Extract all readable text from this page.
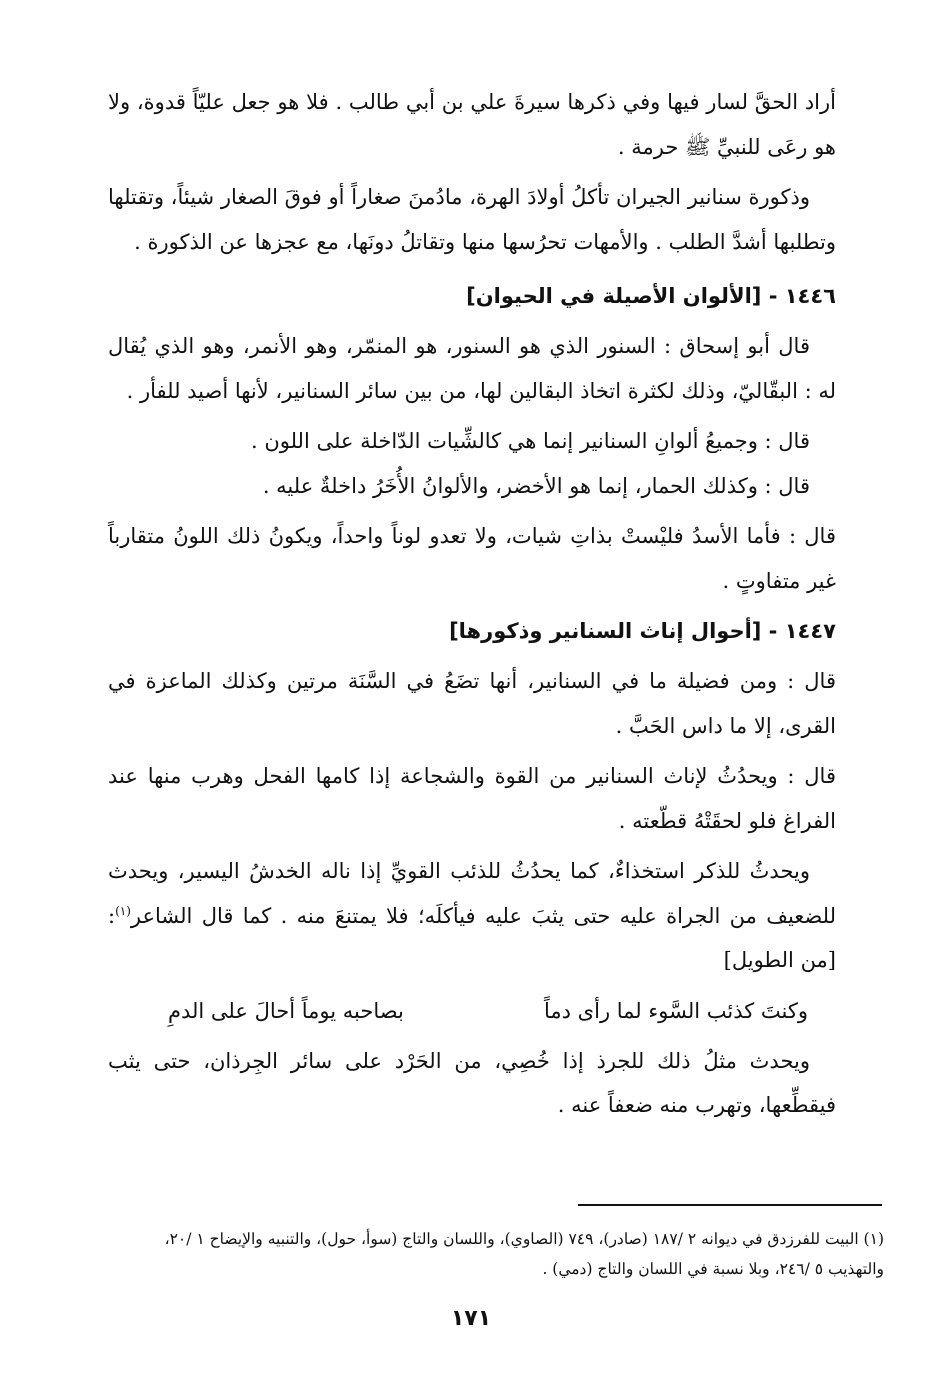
أراد الحقَّ لسار فيها وفي ذكرها سيرةَ علي بن أبي طالب . فلا هو جعل عليّاً قدوة، ولا هو رعَى للنبيِّ ﷺ حرمة .

وذكورة سنانير الجيران تأكلُ أولادَ الهرة، مادُمنَ صغاراً أو فوقَ الصغار شيئاً، وتقتلها وتطلبها أشدَّ الطلب . والأمهات تحرُسها منها وتقاتلُ دونَها، مع عجزها عن الذكورة .

١٤٤٦ - [الألوان الأصيلة في الحيوان]

قال أبو إسحاق : السنور الذي هو السنور، هو المنمّر، وهو الأنمر، وهو الذي يُقال له : البقّاليّ، وذلك لكثرة اتخاذ البقالين لها، من بين سائر السنانير، لأنها أصيد للفأر .

قال : وجميعُ ألوانِ السنانير إنما هي كالشِّيات الدّاخلة على اللون .

قال : وكذلك الحمار، إنما هو الأخضر، والألوانُ الأُخَرُ داخلةٌ عليه .

قال : فأما الأسدُ فليْستْ بذاتِ شيات، ولا تعدو لوناً واحداً، ويكونُ ذلك اللونُ متقارباً غير متفاوتٍ .

١٤٤٧ - [أحوال إناث السنانير وذكورها]

قال : ومن فضيلة ما في السنانير، أنها تضَعُ في السَّنَة مرتين وكذلك الماعزة في القرى، إلا ما داس الحَبَّ .

قال : ويحدُثُ لإناث السنانير من القوة والشجاعة إذا كامها الفحل وهرب منها عند الفراغ فلو لحقَتْهُ قطّعته .

ويحدثُ للذكر استخذاءٌ، كما يحدُثُ للذئب القويِّ إذا ناله الخدشُ اليسير، ويحدث للضعيف من الجراة عليه حتى يثبَ عليه فيأكلَه؛ فلا يمتنعَ منه . كما قال الشاعر$^{(١)}$: [من الطويل]

وكنتَ كذئب السَّوء لما رأى دماً
بصاحبه يوماً أحالَ على الدمِ

ويحدث مثلُ ذلك للجرذ إذا خُصِي، من الحَرْد على سائر الجِرذان، حتى يثب فيقطِّعها، وتهرب منه ضعفاً عنه .

(١) البيت للفرزدق في ديوانه ٢ /١٨٧ (صادر)، ٧٤٩ (الصاوي)، واللسان والتاج (سوأ، حول)، والتنبيه والإيضاح ١ /٢٠، والتهذيب ٥ /٢٤٦، وبلا نسبة في اللسان والتاج (دمي) .
١٧١
